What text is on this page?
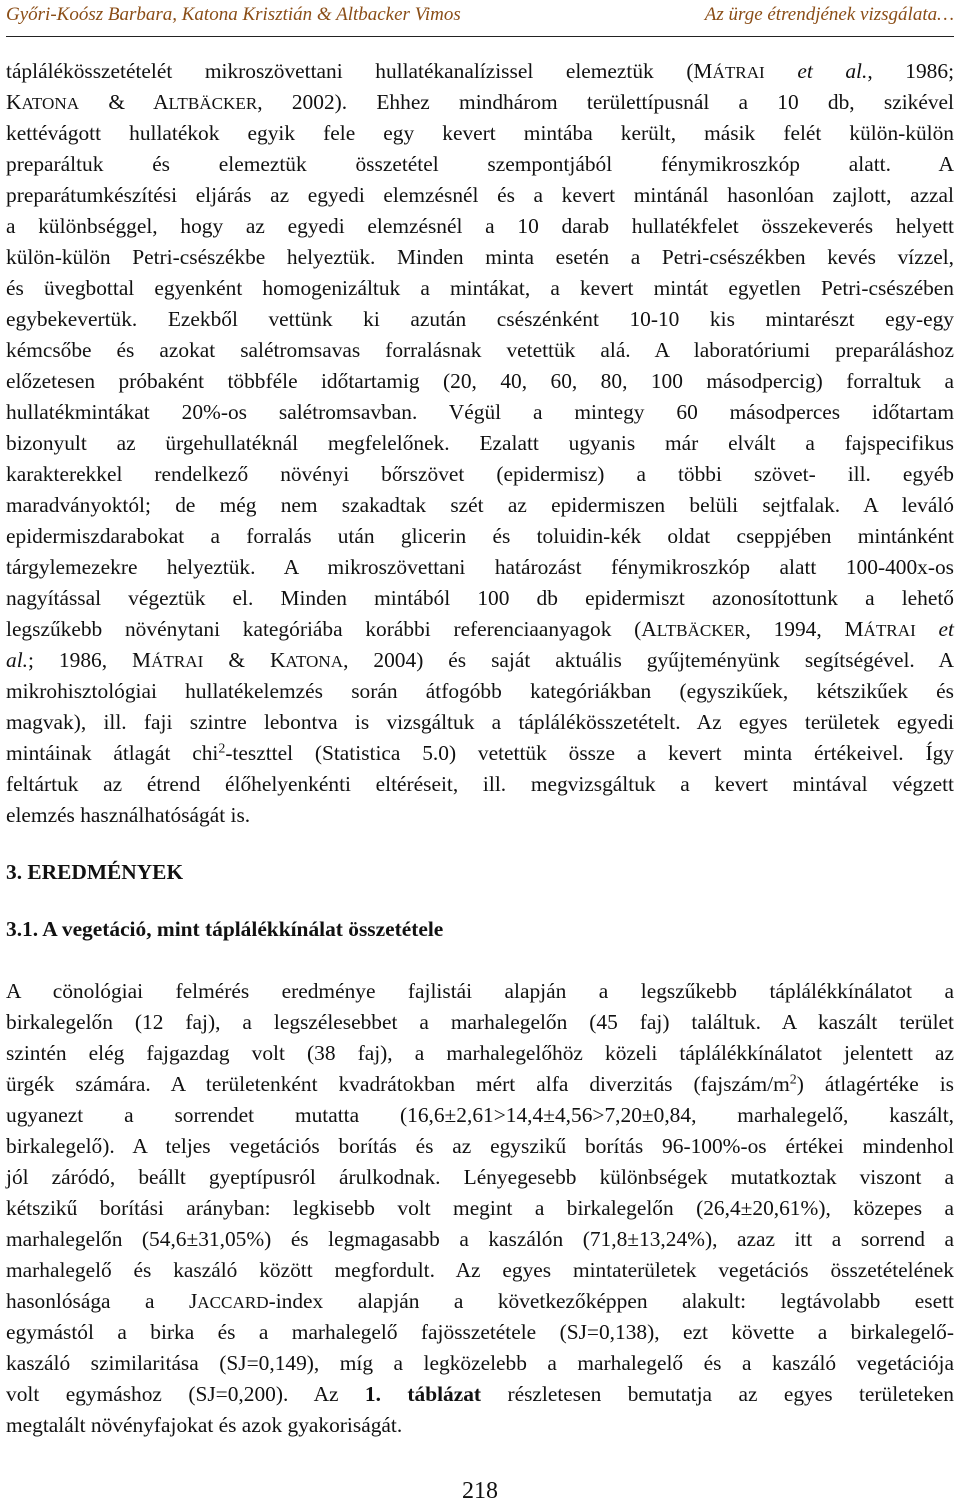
Győri-Koósz Barbara, Katona Krisztián & Altbacker Vimos	Az ürge étrendjének vizsgálata…
táplálékösszetételét mikroszövettani hullatékanalízissel elemeztük (MÁTRAI et al., 1986;
KATONA & ALTBÄCKER, 2002). Ehhez mindhárom területtípusnál a 10 db, szikével
kettévágott hullatékok egyik fele egy kevert mintába került, másik felét külön-külön
preparáltuk és elemeztük összetétel szempontjából fénymikroszkóp alatt. A
preparátumkészítési eljárás az egyedi elemzésnél és a kevert mintánál hasonlóan zajlott, azzal
a különbséggel, hogy az egyedi elemzésnél a 10 darab hullatékfelet összekeverés helyett
külön-külön Petri-csészékbe helyeztük. Minden minta esetén a Petri-csészékben kevés vízzel,
és üvegbottal egyenként homogenizáltuk a mintákat, a kevert mintát egyetlen Petri-csészében
egybekevertük. Ezekből vettünk ki azután csészénként 10-10 kis mintarészt egy-egy
kémcsőbe és azokat salétromsavas forralásnak vetettük alá. A laboratóriumi preparáláshoz
előzetesen próbaként többféle időtartamig (20, 40, 60, 80, 100 másodpercig) forraltuk a
hullatékmintákat 20%-os salétromsavban. Végül a mintegy 60 másodperces időtartam
bizonyult az ürgehullatéknál megfelelőnek. Ezalatt ugyanis már elvált a fajspecifikus
karakterekkel rendelkező növényi bőrszövet (epidermisz) a többi szövet- ill. egyéb
maradványoktól; de még nem szakadtak szét az epidermiszen belüli sejtfalak. A leváló
epidermiszdarabokat a forralás után glicerin és toluidin-kék oldat cseppjében mintánként
tárgylemezekre helyeztük. A mikroszövettani határozást fénymikroszkóp alatt 100-400x-os
nagyítással végeztük el. Minden mintából 100 db epidermiszt azonosítottunk a lehető
legszűkebb növénytani kategóriába korábbi referenciaanyagok (ALTBÄCKER, 1994, MÁTRAI et
al.; 1986, MÁTRAI & KATONA, 2004) és saját aktuális gyűjteményünk segítségével. A
mikrohisztológiai hullatékelemzés során átfogóbb kategóriákban (egyszikűek, kétszikűek és
magvak), ill. faji szintre lebontva is vizsgáltuk a táplálékösszetételt. Az egyes területek egyedi
mintáinak átlagát chi$^2$-teszttel (Statistica 5.0) vetettük össze a kevert minta értékeivel. Így
feltártuk az étrend élőhelyenkénti eltéréseit, ill. megvizsgáltuk a kevert mintával végzett
elemzés használhatóságát is.
3. EREDMÉNYEK
3.1. A vegetáció, mint táplálékkínálat összetétele
A cönológiai felmérés eredménye fajlistái alapján a legszűkebb táplálékkínálatot a
birkalegelőn (12 faj), a legszélesebbet a marhalegelőn (45 faj) találtuk. A kaszált terület
szintén elég fajgazdag volt (38 faj), a marhalegelőhöz közeli táplálékkínálatot jelentett az
ürgék számára. A területenként kvadrátokban mért alfa diverzitás $(fajszám/m^2)$ átlagértéke is
ugyanezt a sorrendet mutatta (16,6±2,61>14,4±4,56>7,20±0,84, marhalegelő, kaszált,
birkalegelő). A teljes vegetációs borítás és az egyszikű borítás 96-100%-os értékei mindenhol
jól záródó, beállt gyeptípusról árulkodnak. Lényegesebb különbségek mutatkoztak viszont a
kétszikű borítási arányban: legkisebb volt megint a birkalegelőn (26,4±20,61%), közepes a
marhalegelőn (54,6±31,05%) és legmagasabb a kaszálón (71,8±13,24%), azaz itt a sorrend a
marhalegelő és kaszáló között megfordult. Az egyes mintaterületek vegetációs összetételének
hasonlósága a JACCARD-index alapján a következőképpen alakult: legtávolabb esett
egymástól a birka és a marhalegelő fajösszetétele (SJ=0,138), ezt követte a birkalegelő-
kaszáló szimilaritása (SJ=0,149), míg a legközelebb a marhalegelő és a kaszáló vegetációja
volt egymáshoz (SJ=0,200). Az 1. táblázat részletesen bemutatja az egyes területeken
megtalált növényfajokat és azok gyakoriságát.
218
